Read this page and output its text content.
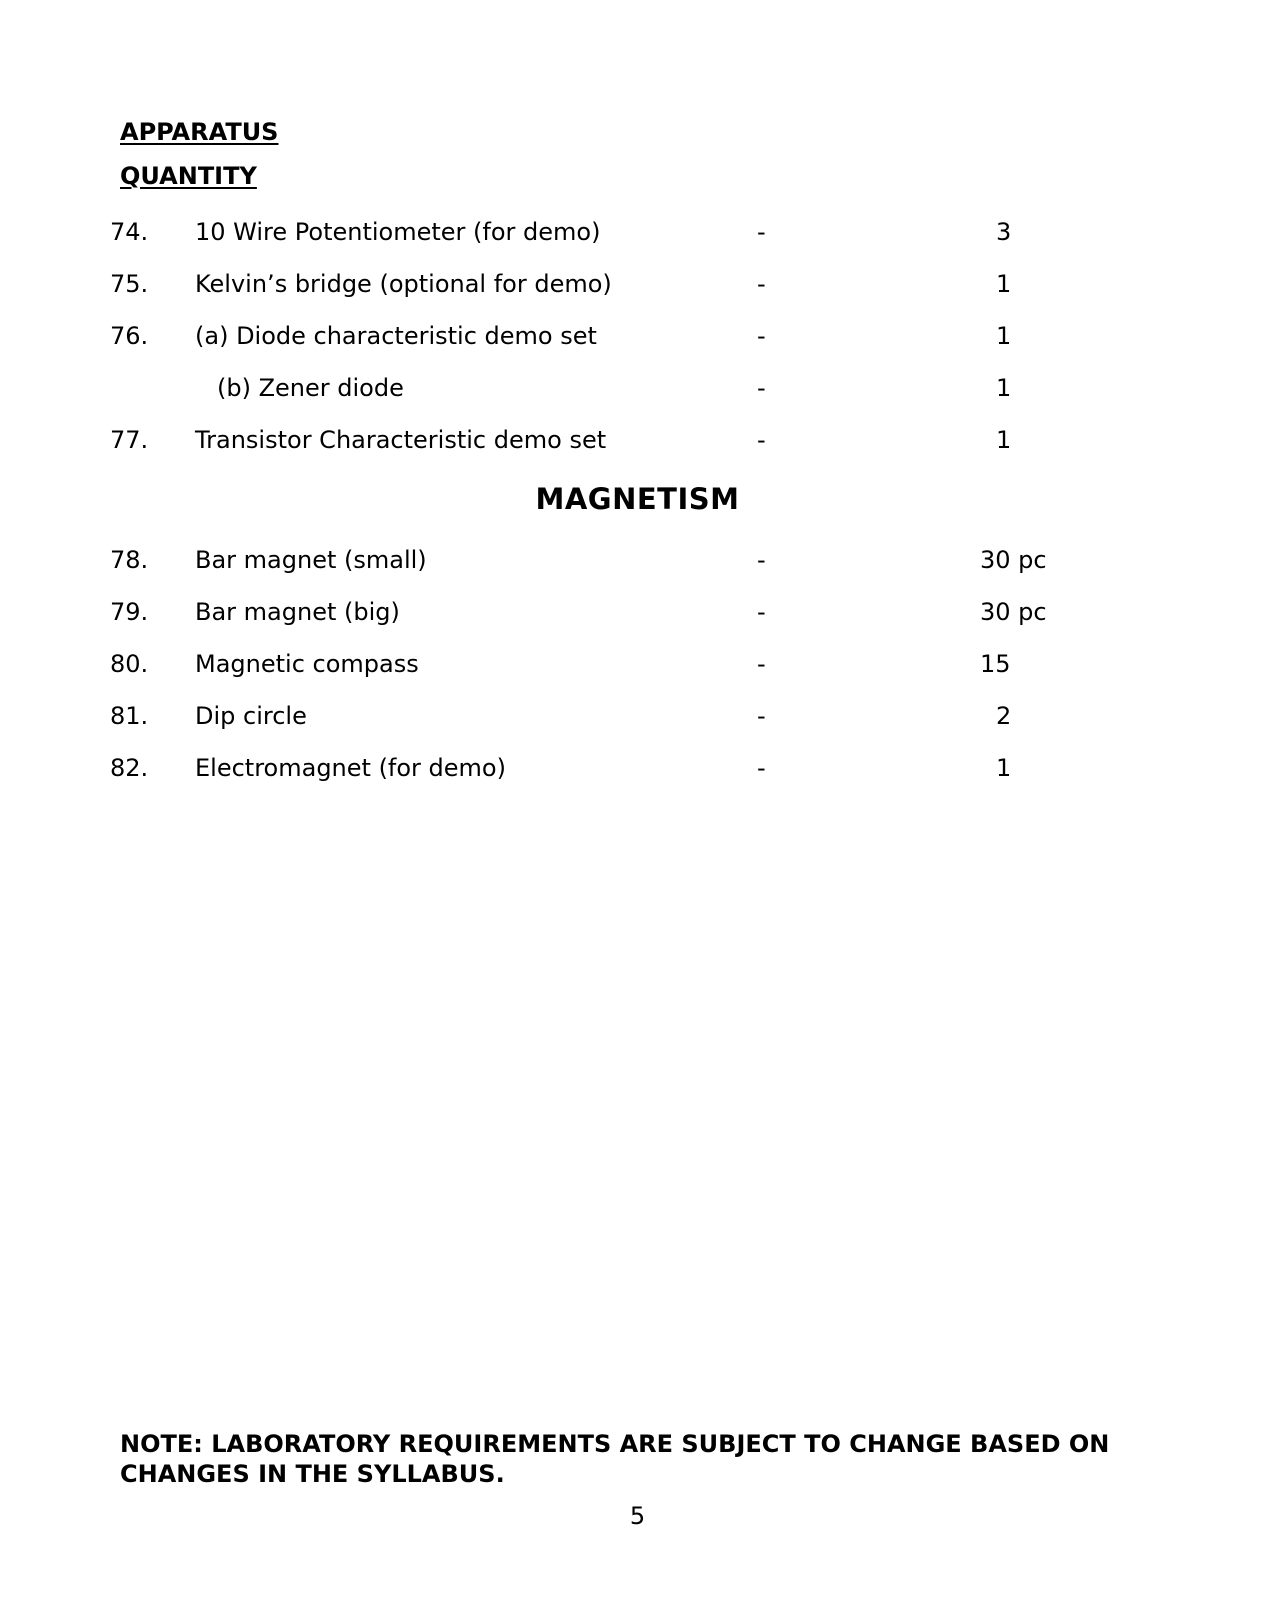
APPARATUS
QUANTITY
74. 10 Wire Potentiometer (for demo)	-	3
75. Kelvin’s bridge (optional for demo)	-	1
76. (a) Diode characteristic demo set	-	1
(b) Zener diode	-	1
77. Transistor Characteristic demo set	-	1
MAGNETISM
78. Bar magnet (small)	-	30 pc
79. Bar magnet (big)	-	30 pc
80. Magnetic compass	-	15
81. Dip circle	-	2
82. Electromagnet (for demo)	-	1
NOTE: LABORATORY REQUIREMENTS ARE SUBJECT TO CHANGE BASED ON CHANGES IN THE SYLLABUS.
5
